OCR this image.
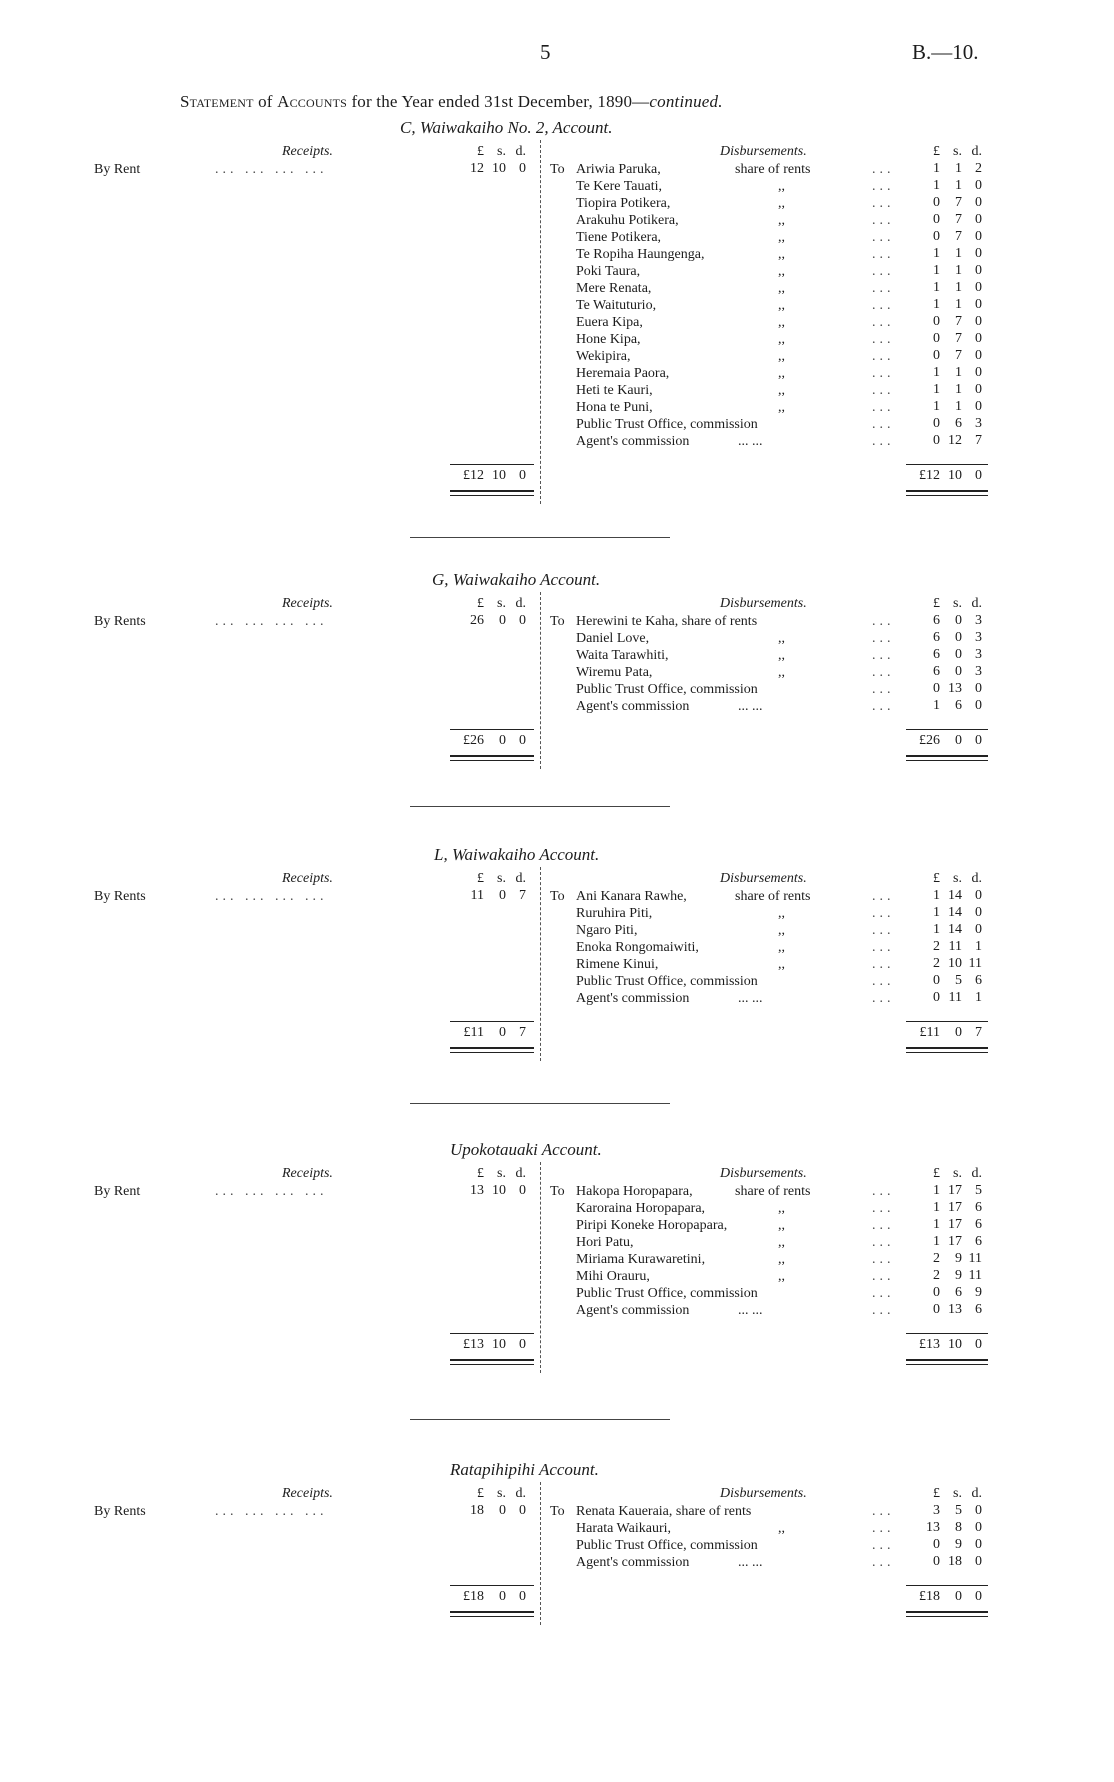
5	B.—10.
Statement of Accounts for the Year ended 31st December, 1890—continued.
C, Waiwakaiho No. 2, Account.
Receipts.	£ s. d.	Disbursements.	£ s. d.
By Rent	... ... ... ...	12 10 0 To Ariwia Paruka,	share of rents	...	1 1 2
Te Kere Tauati,	,,	...	1 1 0
Tiopira Potikera,	,,	...	0 7 0
Arakuhu Potikera,	,,	...	0 7 0
Tiene Potikera,	,,	...	0 7 0
Te Ropiha Haungenga,	,,	...	1 1 0
Poki Taura,	,,	...	1 1 0
Mere Renata,	,,	...	1 1 0
Te Waituturio,	,,	...	1 1 0
Euera Kipa,	,,	...	0 7 0
Hone Kipa,	,,	...	0 7 0
Wekipira,	,,	...	0 7 0
Heremaia Paora,	,,	...	1 1 0
Heti te Kauri,	,,	...	1 1 0
Hona te Puni,	,,	...	1 1 0
Public Trust Office, commission	...	0 6 3
Agent's commission	... ...	...	0 12 7
£12 10 0	£12 10 0
G, Waiwakaiho Account.
Receipts.	£ s. d.	Disbursements.	£ s. d.
By Rents	... ... ... ...	26 0 0 To Herewini te Kaha, share of rents	...	6 0 3
Daniel Love,	,,	...	6 0 3
Waita Tarawhiti,	,,	...	6 0 3
Wiremu Pata,	,,	...	6 0 3
Public Trust Office, commission	...	0 13 0
Agent's commission	... ...	...	1 6 0
£26 0 0	£26 0 0
L, Waiwakaiho Account.
Receipts.	£ s. d.	Disbursements.	£ s. d.
By Rents	... ... ... ...	11 0 7 To Ani Kanara Rawhe,	share of rents	...	1 14 0
Ruruhira Piti,	,,	...	1 14 0
Ngaro Piti,	,,	...	1 14 0
Enoka Rongomaiwiti,	,,	...	2 11 1
Rimene Kinui,	,,	...	2 10 11
Public Trust Office, commission	...	0 5 6
Agent's commission	... ...	...	0 11 1
£11 0 7	£11 0 7
Upokotauaki Account.
Receipts.	£ s. d.	Disbursements.	£ s. d.
By Rent	... ... ... ...	13 10 0 To Hakopa Horopapara,	share of rents	...	1 17 5
Karoraina Horopapara,	,,	...	1 17 6
Piripi Koneke Horopapara,	,,	...	1 17 6
Hori Patu,	,,	...	1 17 6
Miriama Kurawaretini,	,,	...	2 9 11
Mihi Orauru,	,,	...	2 9 11
Public Trust Office, commission	...	0 6 9
Agent's commission	... ...	...	0 13 6
£13 10 0	£13 10 0
Ratapihipihi Account.
Receipts.	£ s. d.	Disbursements.	£ s. d.
By Rents	... ... ... ...	18 0 0 To Renata Kaueraia, share of rents	...	3 5 0
Harata Waikauri,	,,	...	13 8 0
Public Trust Office, commission	...	0 9 0
Agent's commission	... ...	...	0 18 0
£18 0 0	£18 0 0
